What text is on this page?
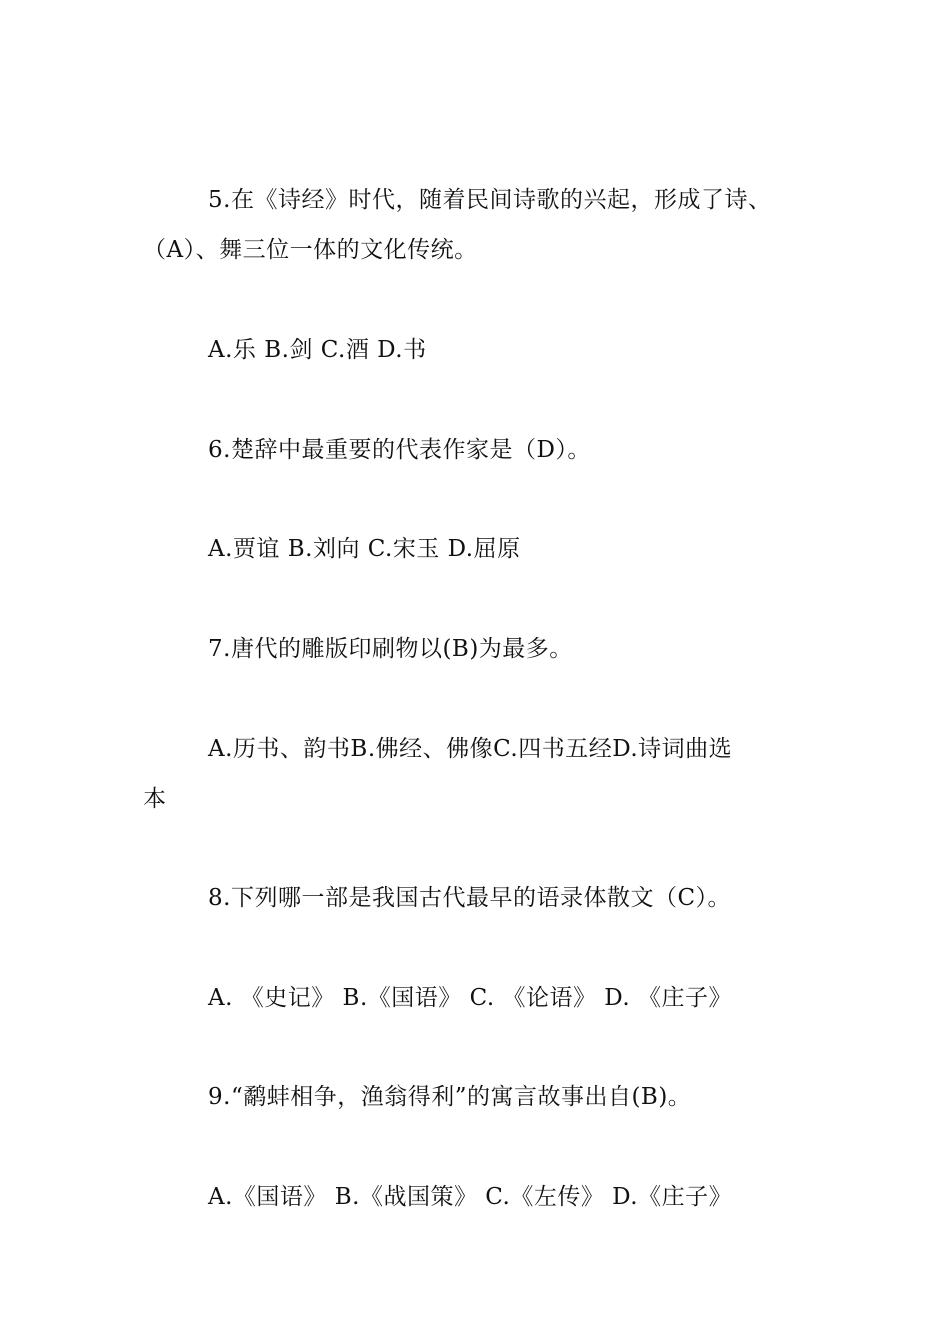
5.在《诗经》时代，随着民间诗歌的兴起，形成了诗、
（A）、舞三位一体的文化传统。
A.乐 B.剑 C.酒 D.书
6.楚辞中最重要的代表作家是（D）。
A.贾谊 B.刘向 C.宋玉 D.屈原
7.唐代的雕版印刷物以(B)为最多。
A.历书、韵书B.佛经、佛像C.四书五经D.诗词曲选
本
8.下列哪一部是我国古代最早的语录体散文（C）。
A. 《史记》 B.《国语》 C. 《论语》 D. 《庄子》
9.“鹬蚌相争，渔翁得利”的寓言故事出自(B)。
A.《国语》 B.《战国策》 C.《左传》 D.《庄子》
